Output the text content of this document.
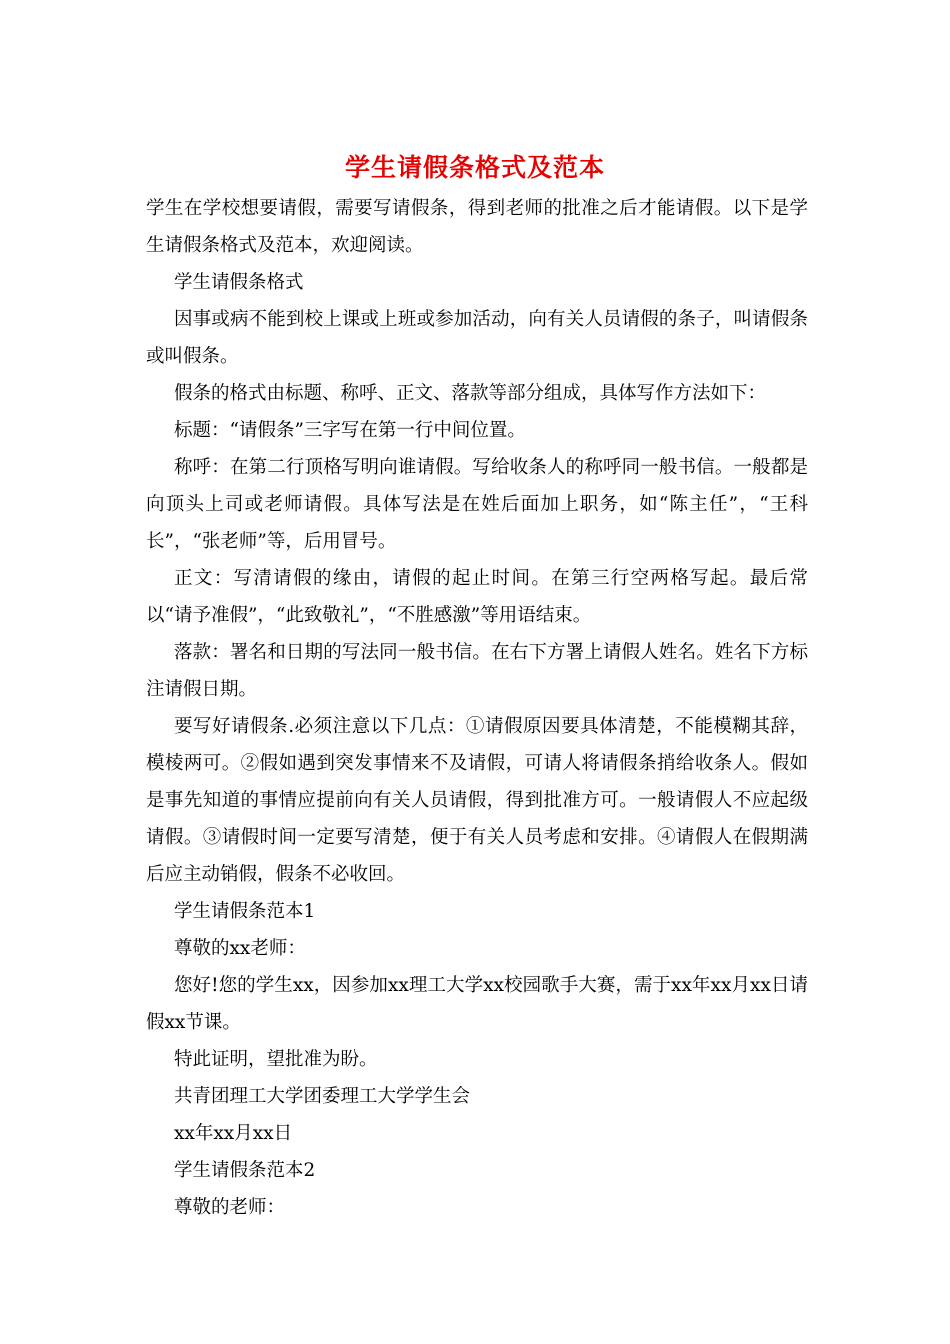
学生请假条格式及范本

学生在学校想要请假，需要写请假条，得到老师的批准之后才能请假。以下是学生请假条格式及范本，欢迎阅读。

学生请假条格式

因事或病不能到校上课或上班或参加活动，向有关人员请假的条子，叫请假条或叫假条。

假条的格式由标题、称呼、正文、落款等部分组成，具体写作方法如下：

标题：“请假条”三字写在第一行中间位置。

称呼：在第二行顶格写明向谁请假。写给收条人的称呼同一般书信。一般都是向顶头上司或老师请假。具体写法是在姓后面加上职务，如“陈主任”，“王科长”，“张老师”等，后用冒号。

正文：写清请假的缘由，请假的起止时间。在第三行空两格写起。最后常以“请予准假”，“此致敬礼”，“不胜感激”等用语结束。

落款：署名和日期的写法同一般书信。在右下方署上请假人姓名。姓名下方标注请假日期。

要写好请假条.必须注意以下几点：①请假原因要具体清楚，不能模糊其辞，模棱两可。②假如遇到突发事情来不及请假，可请人将请假条捎给收条人。假如是事先知道的事情应提前向有关人员请假，得到批准方可。一般请假人不应起级请假。③请假时间一定要写清楚，便于有关人员考虑和安排。④请假人在假期满后应主动销假，假条不必收回。

学生请假条范本1

尊敬的xx老师：

您好!您的学生xx，因参加xx理工大学xx校园歌手大赛，需于xx年xx月xx日请假xx节课。

特此证明，望批准为盼。

共青团理工大学团委理工大学学生会

xx年xx月xx日

学生请假条范本2

尊敬的老师：
